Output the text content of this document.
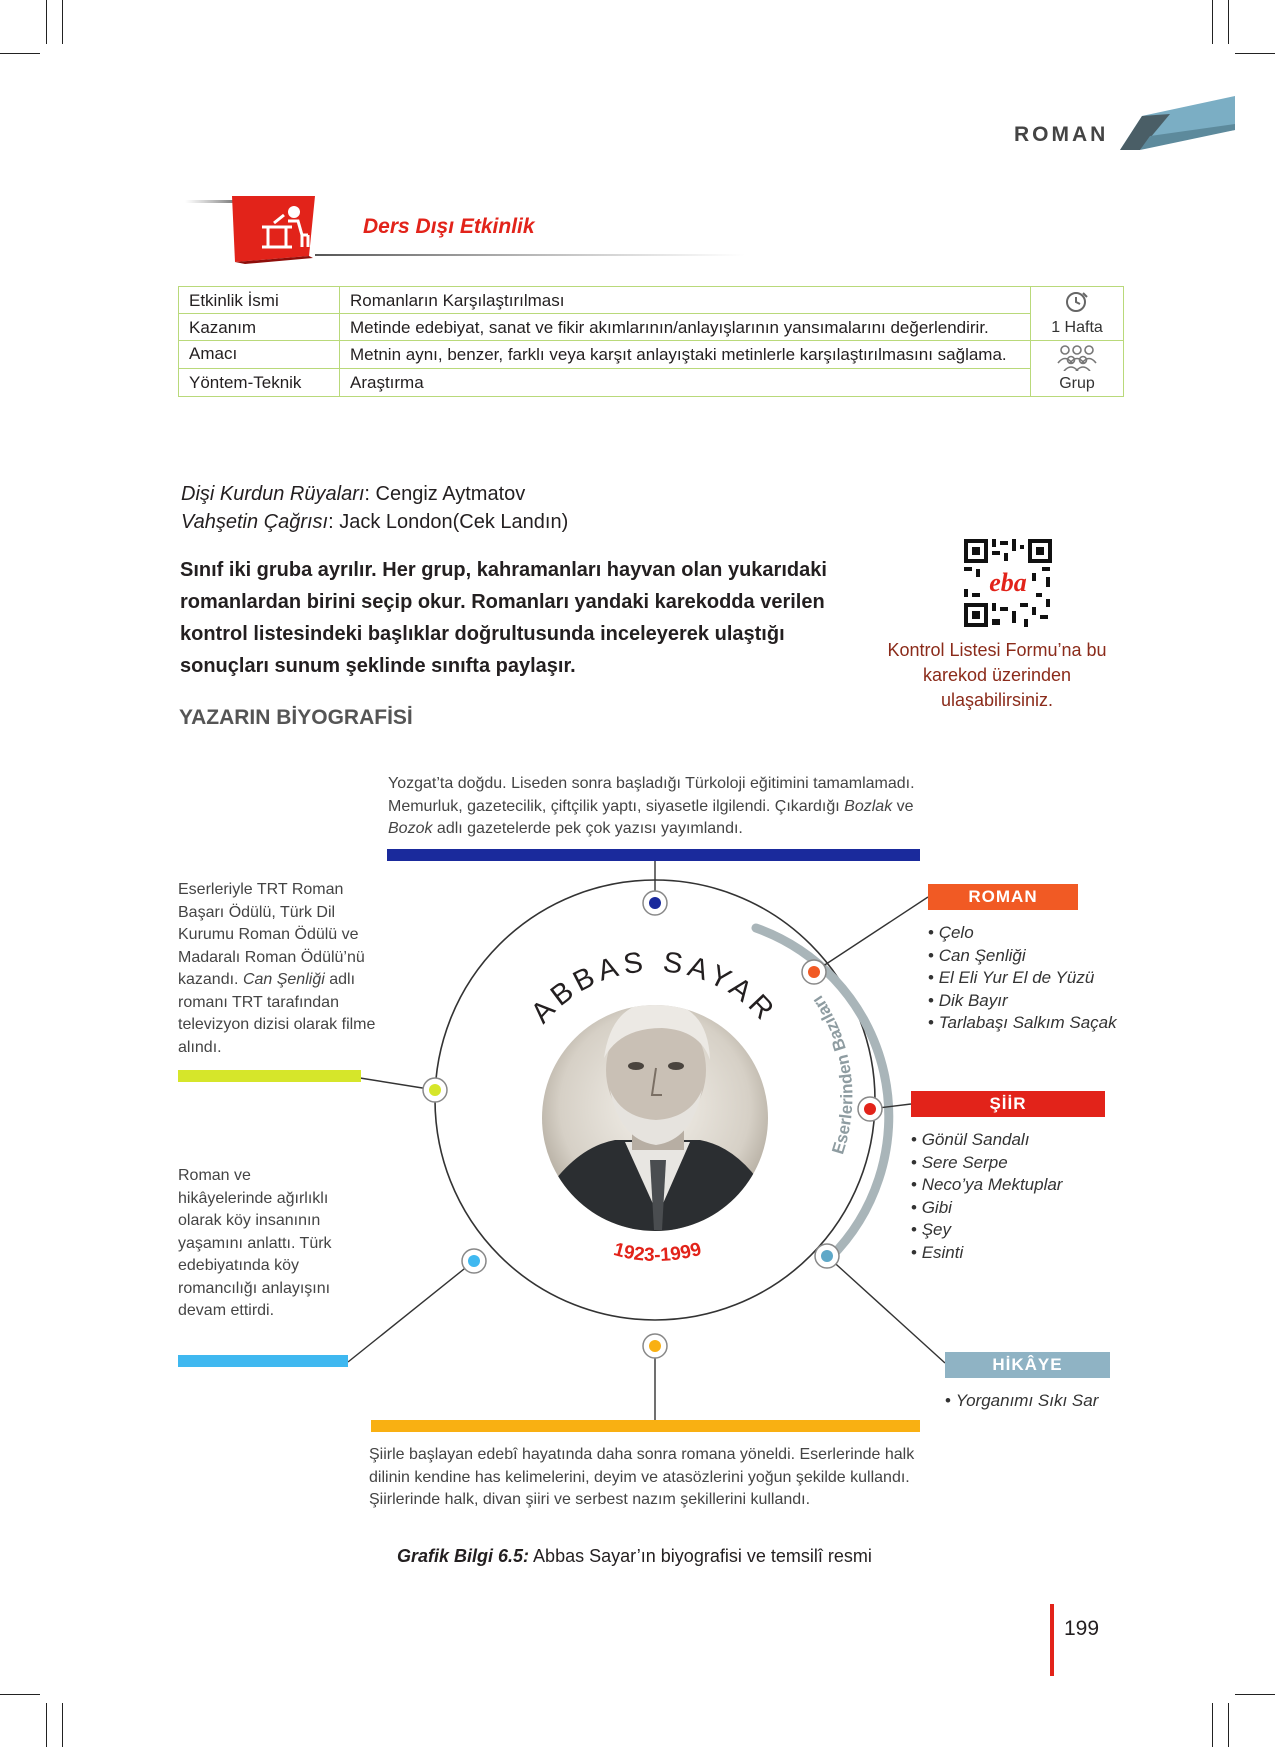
ROMAN
Ders Dışı Etkinlik
Etkinlik İsmi	Romanların Karşılaştırılması	1 Hafta
Kazanım	Metinde edebiyat, sanat ve fikir akımlarının/anlayışlarının yansımalarını değerlendirir.	
Amacı	Metnin aynı, benzer, farklı veya karşıt anlayıştaki metinlerle karşılaştırılmasını sağlama.	Grup
Yöntem-Teknik	Araştırma	
Dişi Kurdun Rüyaları: Cengiz Aytmatov
Vahşetin Çağrısı: Jack London(Cek Landın)
Sınıf iki gruba ayrılır. Her grup, kahramanları hayvan olan yukarıdaki romanlardan birini seçip okur. Romanları yandaki karekodda verilen kontrol listesindeki başlıklar doğrultusunda inceleyerek ulaştığı sonuçları sunum şeklinde sınıfta paylaşır.
eba
Kontrol Listesi Formu’na bu karekod üzerinden ulaşabilirsiniz.
YAZARIN BİYOGRAFİSİ
ABBAS SAYAR
1923-1999
Eserlerinden Bazıları
Yozgat’ta doğdu. Liseden sonra başladığı Türkoloji eğitimini tamamlamadı. Memurluk, gazetecilik, çiftçilik yaptı, siyasetle ilgilendi. Çıkardığı Bozlak ve Bozok adlı gazetelerde pek çok yazısı yayımlandı.
Eserleriyle TRT Roman Başarı Ödülü, Türk Dil Kurumu Roman Ödülü ve Madaralı Roman Ödülü’nü kazandı. Can Şenliği adlı romanı TRT tarafından televizyon dizisi olarak filme alındı.
Roman ve hikâyelerinde ağırlıklı olarak köy insanının yaşamını anlattı. Türk edebiyatında köy romancılığı anlayışını devam ettirdi.
Şiirle başlayan edebî hayatında daha sonra romana yöneldi. Eserlerinde halk dilinin kendine has kelimelerini, deyim ve atasözlerini yoğun şekilde kullandı. Şiirlerinde halk, divan şiiri ve serbest nazım şekillerini kullandı.
ROMAN
• Çelo
• Can Şenliği
• El Eli Yur El de Yüzü
• Dik Bayır
• Tarlabaşı Salkım Saçak
ŞİİR
• Gönül Sandalı
• Sere Serpe
• Neco’ya Mektuplar
• Gibi
• Şey
• Esinti
HİKÂYE
• Yorganımı Sıkı Sar
Grafik Bilgi 6.5: Abbas Sayar’ın biyografisi ve temsilî resmi
199
